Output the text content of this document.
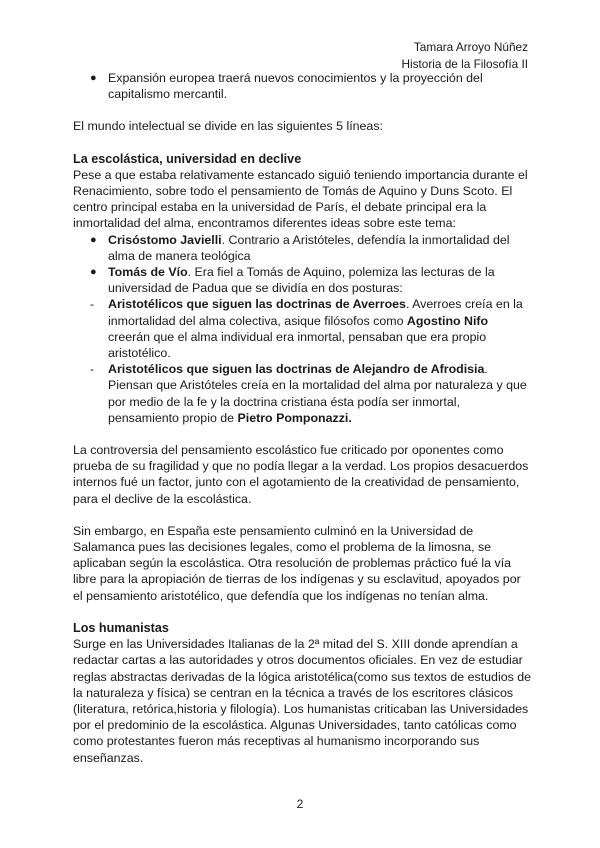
Tamara Arroyo Núñez
Historia de la Filosofía II
● Expansión europea traerá nuevos conocimientos y la proyección del capitalismo mercantil.

El mundo intelectual se divide en las siguientes 5 líneas:

La escolástica, universidad en declive

Pese a que estaba relativamente estancado siguió teniendo importancia durante el Renacimiento, sobre todo el pensamiento de Tomás de Aquino y Duns Scoto. El centro principal estaba en la universidad de París, el debate principal era la inmortalidad del alma, encontramos diferentes ideas sobre este tema:

● Crisóstomo Javielli. Contrario a Aristóteles, defendía la inmortalidad del alma de manera teológica

● Tomás de Vío. Era fiel a Tomás de Aquino, polemiza las lecturas de la universidad de Padua que se dividía en dos posturas:

- Aristotélicos que siguen las doctrinas de Averroes. Averroes creía en la inmortalidad del alma colectiva, asique filósofos como Agostino Nifo creerán que el alma individual era inmortal, pensaban que era propio aristotélico.

- Aristotélicos que siguen las doctrinas de Alejandro de Afrodisia. Piensan que Aristóteles creía en la mortalidad del alma por naturaleza y que por medio de la fe y la doctrina cristiana ésta podía ser inmortal, pensamiento propio de Pietro Pomponazzi.

La controversia del pensamiento escolástico fue criticado por oponentes como prueba de su fragilidad y que no podía llegar a la verdad. Los propios desacuerdos internos fué un factor, junto con el agotamiento de la creatividad de pensamiento, para el declive de la escolástica.

Sin embargo, en España este pensamiento culminó en la Universidad de Salamanca pues las decisiones legales, como el problema de la limosna, se aplicaban según la escolástica. Otra resolución de problemas práctico fué la vía libre para la apropiación de tierras de los indígenas y su esclavitud, apoyados por el pensamiento aristotélico, que defendía que los indígenas no tenían alma.

Los humanistas

Surge en las Universidades Italianas de la 2ª mitad del S. XIII donde aprendían a redactar cartas a las autoridades y otros documentos oficiales. En vez de estudiar reglas abstractas derivadas de la lógica aristotélica(como sus textos de estudios de la naturaleza y física) se centran en la técnica a través de los escritores clásicos (literatura, retórica,historia y filología). Los humanistas criticaban las Universidades por el predominio de la escolástica. Algunas Universidades, tanto católicas como como protestantes fueron más receptivas al humanismo incorporando sus enseñanzas.

2
